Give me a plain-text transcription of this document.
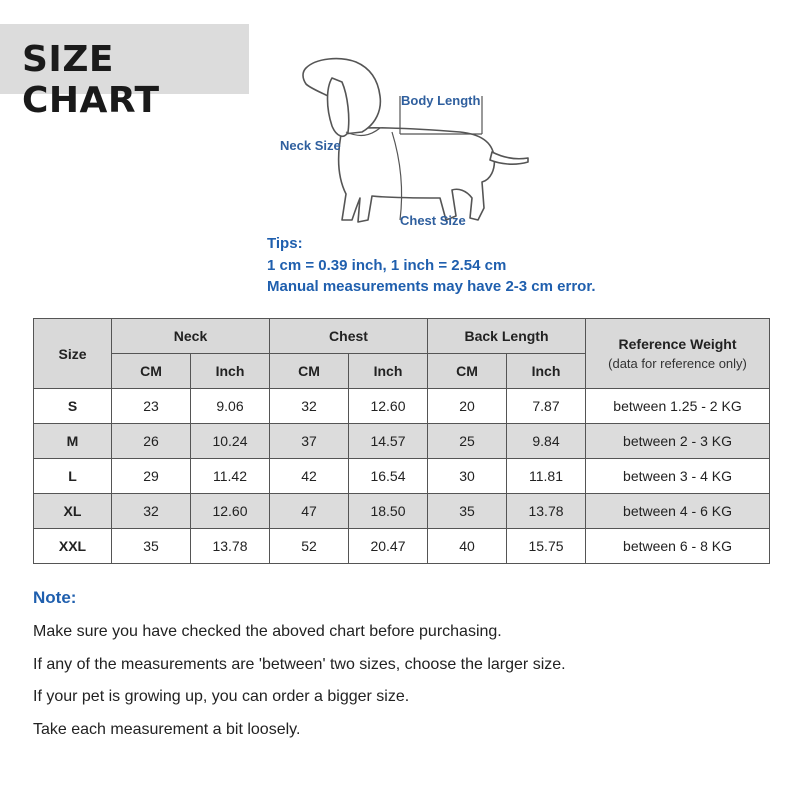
SIZE CHART	Body Length
Neck Size
Chest Size
Tips:
1 cm = 0.39 inch, 1 inch = 2.54 cm
Manual measurements may have 2-3 cm error.
Size	Neck		Chest		Back Length		Reference Weight
(data for reference only)

	CM	Inch	CM	Inch	CM	Inch	
S	23	9.06	32	12.60	20	7.87	between 1.25 - 2 KG
M	26	10.24	37	14.57	25	9.84	between 2 - 3 KG
L	29	11.42	42	16.54	30	11.81	between 3 - 4 KG
XL	32	12.60	47	18.50	35	13.78	between 4 - 6 KG
XXL	35	13.78	52	20.47	40	15.75	between 6 - 8 KG
Note:
Make sure you have checked the aboved chart before purchasing.
If any of the measurements are 'between' two sizes, choose the larger size.
If your pet is growing up, you can order a bigger size.
Take each measurement a bit loosely.
